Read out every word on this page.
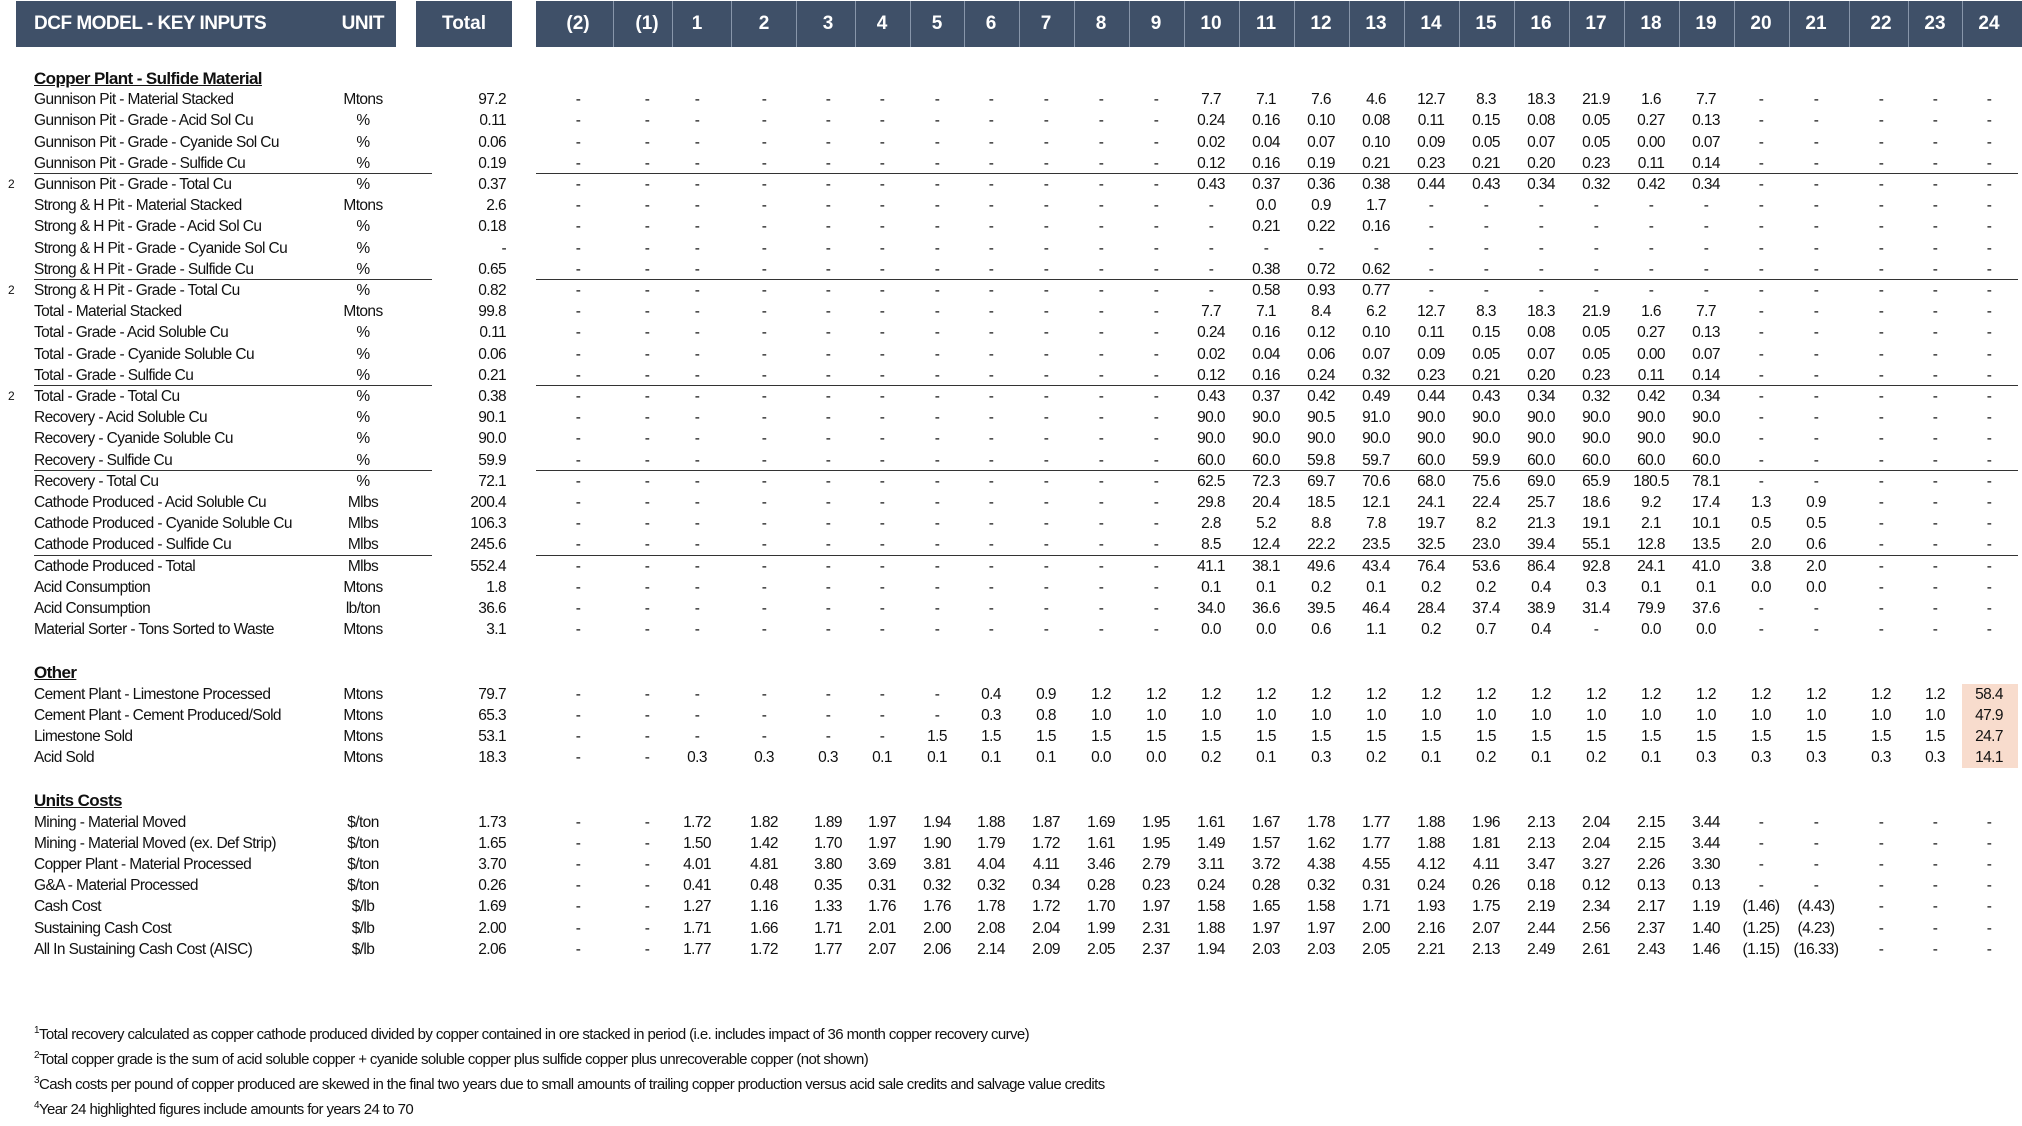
DCF MODEL - KEY INPUTS	UNIT	Total	(2) (1) 1	2	3 4 5 6 7 8 9 10 11 12 13 14 15 16 17 18 19 20 21 22 23 24
Copper Plant - Sulfide Material
Gunnison Pit - Material Stacked	Mtons	97.2	-	-	-	-	-	-	-	-	-	-	-	7.7	7.1	7.6	4.6	12.7	8.3	18.3	21.9	1.6	7.7	-	-	-	-	-
Gunnison Pit - Grade - Acid Sol Cu	%	0.11	-	-	-	-	-	-	-	-	-	-	-	0.24	0.16	0.10	0.08	0.11	0.15	0.08	0.05	0.27	0.13	-	-	-	-	-
Gunnison Pit - Grade - Cyanide Sol Cu	%	0.06	-	-	-	-	-	-	-	-	-	-	-	0.02	0.04	0.07	0.10	0.09	0.05	0.07	0.05	0.00	0.07	-	-	-	-	-
Gunnison Pit - Grade - Sulfide Cu	%	0.19	-	-	-	-	-	-	-	-	-	-	-	0.12	0.16	0.19	0.21	0.23	0.21	0.20	0.23	0.11	0.14	-	-	-	-	-
2 Gunnison Pit - Grade - Total Cu	%	0.37	-	-	-	-	-	-	-	-	-	-	-	0.43	0.37	0.36	0.38	0.44	0.43	0.34	0.32	0.42	0.34	-	-	-	-	-
Strong & H Pit - Material Stacked	Mtons	2.6	-	-	-	-	-	-	-	-	-	-	-	-	0.0	0.9	1.7	-	-	-	-	-	-	-	-	-	-	-
Strong & H Pit - Grade - Acid Sol Cu	%	0.18	-	-	-	-	-	-	-	-	-	-	-	-	0.21	0.22	0.16	-	-	-	-	-	-	-	-	-	-	-
Strong & H Pit - Grade - Cyanide Sol Cu	%	-	-	-	-	-	-	-	-	-	-	-	-	-	-	-	-	-	-	-	-	-	-	-	-	-	-	-
Strong & H Pit - Grade - Sulfide Cu	%	0.65	-	-	-	-	-	-	-	-	-	-	-	-	0.38	0.72	0.62	-	-	-	-	-	-	-	-	-	-	-
2 Strong & H Pit - Grade - Total Cu	%	0.82	-	-	-	-	-	-	-	-	-	-	-	-	0.58	0.93	0.77	-	-	-	-	-	-	-	-	-	-	-
Total - Material Stacked	Mtons	99.8	-	-	-	-	-	-	-	-	-	-	-	7.7	7.1	8.4	6.2	12.7	8.3	18.3	21.9	1.6	7.7	-	-	-	-	-
Total - Grade - Acid Soluble Cu	%	0.11	-	-	-	-	-	-	-	-	-	-	-	0.24	0.16	0.12	0.10	0.11	0.15	0.08	0.05	0.27	0.13	-	-	-	-	-
Total - Grade - Cyanide Soluble Cu	%	0.06	-	-	-	-	-	-	-	-	-	-	-	0.02	0.04	0.06	0.07	0.09	0.05	0.07	0.05	0.00	0.07	-	-	-	-	-
Total - Grade - Sulfide Cu	%	0.21	-	-	-	-	-	-	-	-	-	-	-	0.12	0.16	0.24	0.32	0.23	0.21	0.20	0.23	0.11	0.14	-	-	-	-	-
2 Total - Grade - Total Cu	%	0.38	-	-	-	-	-	-	-	-	-	-	-	0.43	0.37	0.42	0.49	0.44	0.43	0.34	0.32	0.42	0.34	-	-	-	-	-
Recovery - Acid Soluble Cu	%	90.1	-	-	-	-	-	-	-	-	-	-	-	90.0	90.0	90.5	91.0	90.0	90.0	90.0	90.0	90.0	90.0	-	-	-	-	-
Recovery - Cyanide Soluble Cu	%	90.0	-	-	-	-	-	-	-	-	-	-	-	90.0	90.0	90.0	90.0	90.0	90.0	90.0	90.0	90.0	90.0	-	-	-	-	-
Recovery - Sulfide Cu	%	59.9	-	-	-	-	-	-	-	-	-	-	-	60.0	60.0	59.8	59.7	60.0	59.9	60.0	60.0	60.0	60.0	-	-	-	-	-
Recovery - Total Cu	%	72.1	-	-	-	-	-	-	-	-	-	-	-	62.5	72.3	69.7	70.6	68.0	75.6	69.0	65.9	180.5	78.1	-	-	-	-	-
Cathode Produced - Acid Soluble Cu	Mlbs	200.4	-	-	-	-	-	-	-	-	-	-	-	29.8	20.4	18.5	12.1	24.1	22.4	25.7	18.6	9.2	17.4	1.3	0.9	-	-	-
Cathode Produced - Cyanide Soluble Cu	Mlbs	106.3	-	-	-	-	-	-	-	-	-	-	-	2.8	5.2	8.8	7.8	19.7	8.2	21.3	19.1	2.1	10.1	0.5	0.5	-	-	-
Cathode Produced - Sulfide Cu	Mlbs	245.6	-	-	-	-	-	-	-	-	-	-	-	8.5	12.4	22.2	23.5	32.5	23.0	39.4	55.1	12.8	13.5	2.0	0.6	-	-	-
Cathode Produced - Total	Mlbs	552.4	-	-	-	-	-	-	-	-	-	-	-	41.1	38.1	49.6	43.4	76.4	53.6	86.4	92.8	24.1	41.0	3.8	2.0	-	-	-
Acid Consumption	Mtons	1.8	-	-	-	-	-	-	-	-	-	-	-	0.1	0.1	0.2	0.1	0.2	0.2	0.4	0.3	0.1	0.1	0.0	0.0	-	-	-
Acid Consumption	lb/ton	36.6	-	-	-	-	-	-	-	-	-	-	-	34.0	36.6	39.5	46.4	28.4	37.4	38.9	31.4	79.9	37.6	-	-	-	-	-
Material Sorter - Tons Sorted to Waste	Mtons	3.1	-	-	-	-	-	-	-	-	-	-	-	0.0	0.0	0.6	1.1	0.2	0.7	0.4	-	0.0	0.0	-	-	-	-	-
Other
Cement Plant - Limestone Processed	Mtons	79.7	-	-	-	-	-	-	-	0.4	0.9	1.2	1.2	1.2	1.2	1.2	1.2	1.2	1.2	1.2	1.2	1.2	1.2	1.2	1.2	1.2	1.2	58.4
Cement Plant - Cement Produced/Sold	Mtons	65.3	-	-	-	-	-	-	-	0.3	0.8	1.0	1.0	1.0	1.0	1.0	1.0	1.0	1.0	1.0	1.0	1.0	1.0	1.0	1.0	1.0	1.0	47.9
Limestone Sold	Mtons	53.1	-	-	-	-	-	-	1.5	1.5	1.5	1.5	1.5	1.5	1.5	1.5	1.5	1.5	1.5	1.5	1.5	1.5	1.5	1.5	1.5	1.5	1.5	24.7
Acid Sold	Mtons	18.3	-	-	0.3	0.3	0.3	0.1	0.1	0.1	0.1	0.0	0.0	0.2	0.1	0.3	0.2	0.1	0.2	0.1	0.2	0.1	0.3	0.3	0.3	0.3	0.3	14.1
Units Costs
Mining - Material Moved	$/ton	1.73	-	-	1.72	1.82	1.89	1.97	1.94	1.88	1.87	1.69	1.95	1.61	1.67	1.78	1.77	1.88	1.96	2.13	2.04	2.15	3.44	-	-	-	-	-
Mining - Material Moved (ex. Def Strip)	$/ton	1.65	-	-	1.50	1.42	1.70	1.97	1.90	1.79	1.72	1.61	1.95	1.49	1.57	1.62	1.77	1.88	1.81	2.13	2.04	2.15	3.44	-	-	-	-	-
Copper Plant - Material Processed	$/ton	3.70	-	-	4.01	4.81	3.80	3.69	3.81	4.04	4.11	3.46	2.79	3.11	3.72	4.38	4.55	4.12	4.11	3.47	3.27	2.26	3.30	-	-	-	-	-
G&A - Material Processed	$/ton	0.26	-	-	0.41	0.48	0.35	0.31	0.32	0.32	0.34	0.28	0.23	0.24	0.28	0.32	0.31	0.24	0.26	0.18	0.12	0.13	0.13	-	-	-	-	-
Cash Cost	$/lb	1.69	-	-	1.27	1.16	1.33	1.76	1.76	1.78	1.72	1.70	1.97	1.58	1.65	1.58	1.71	1.93	1.75	2.19	2.34	2.17	1.19	(1.46)	(4.43)	-	-	-
Sustaining Cash Cost	$/lb	2.00	-	-	1.71	1.66	1.71	2.01	2.00	2.08	2.04	1.99	2.31	1.88	1.97	1.97	2.00	2.16	2.07	2.44	2.56	2.37	1.40	(1.25)	(4.23)	-	-	-
All In Sustaining Cash Cost (AISC)	$/lb	2.06	-	-	1.77	1.72	1.77	2.07	2.06	2.14	2.09	2.05	2.37	1.94	2.03	2.03	2.05	2.21	2.13	2.49	2.61	2.43	1.46	(1.15) (16.33)	-	-	-
$^1$Total recovery calculated as copper cathode produced divided by copper contained in ore stacked in period (i.e. includes impact of 36 month copper recovery curve)
$^2$Total copper grade is the sum of acid soluble copper + cyanide soluble copper plus sulfide copper plus unrecoverable copper (not shown)
$^3$Cash costs per pound of copper produced are skewed in the final two years due to small amounts of trailing copper production versus acid sale credits and salvage value credits
$^4$Year 24 highlighted figures include amounts for years 24 to 70
